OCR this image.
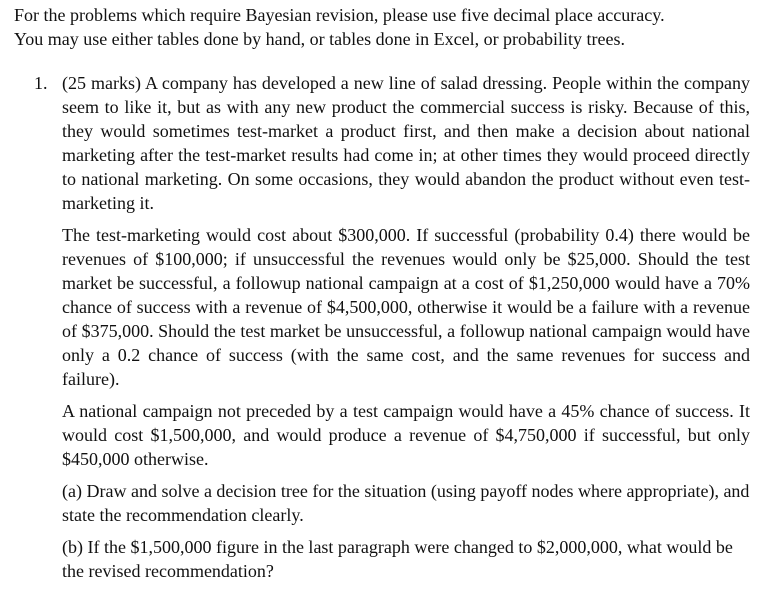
For the problems which require Bayesian revision, please use five decimal place accuracy.

You may use either tables done by hand, or tables done in Excel, or probability trees.

1. (25 marks) A company has developed a new line of salad dressing. People within the company seem to like it, but as with any new product the commercial success is risky. Because of this, they would sometimes test-market a product first, and then make a decision about national marketing after the test-market results had come in; at other times they would proceed directly to national marketing. On some occasions, they would abandon the product without even test-marketing it.

The test-marketing would cost about $300,000. If successful (probability 0.4) there would be revenues of $100,000; if unsuccessful the revenues would only be $25,000. Should the test market be successful, a followup national campaign at a cost of $1,250,000 would have a 70% chance of success with a revenue of $4,500,000, otherwise it would be a failure with a revenue of $375,000. Should the test market be unsuccessful, a followup national campaign would have only a 0.2 chance of success (with the same cost, and the same revenues for success and failure).

A national campaign not preceded by a test campaign would have a 45% chance of success. It would cost $1,500,000, and would produce a revenue of $4,750,000 if successful, but only $450,000 otherwise.

(a) Draw and solve a decision tree for the situation (using payoff nodes where appropriate), and state the recommendation clearly.

(b) If the $1,500,000 figure in the last paragraph were changed to $2,000,000, what would be the revised recommendation?
